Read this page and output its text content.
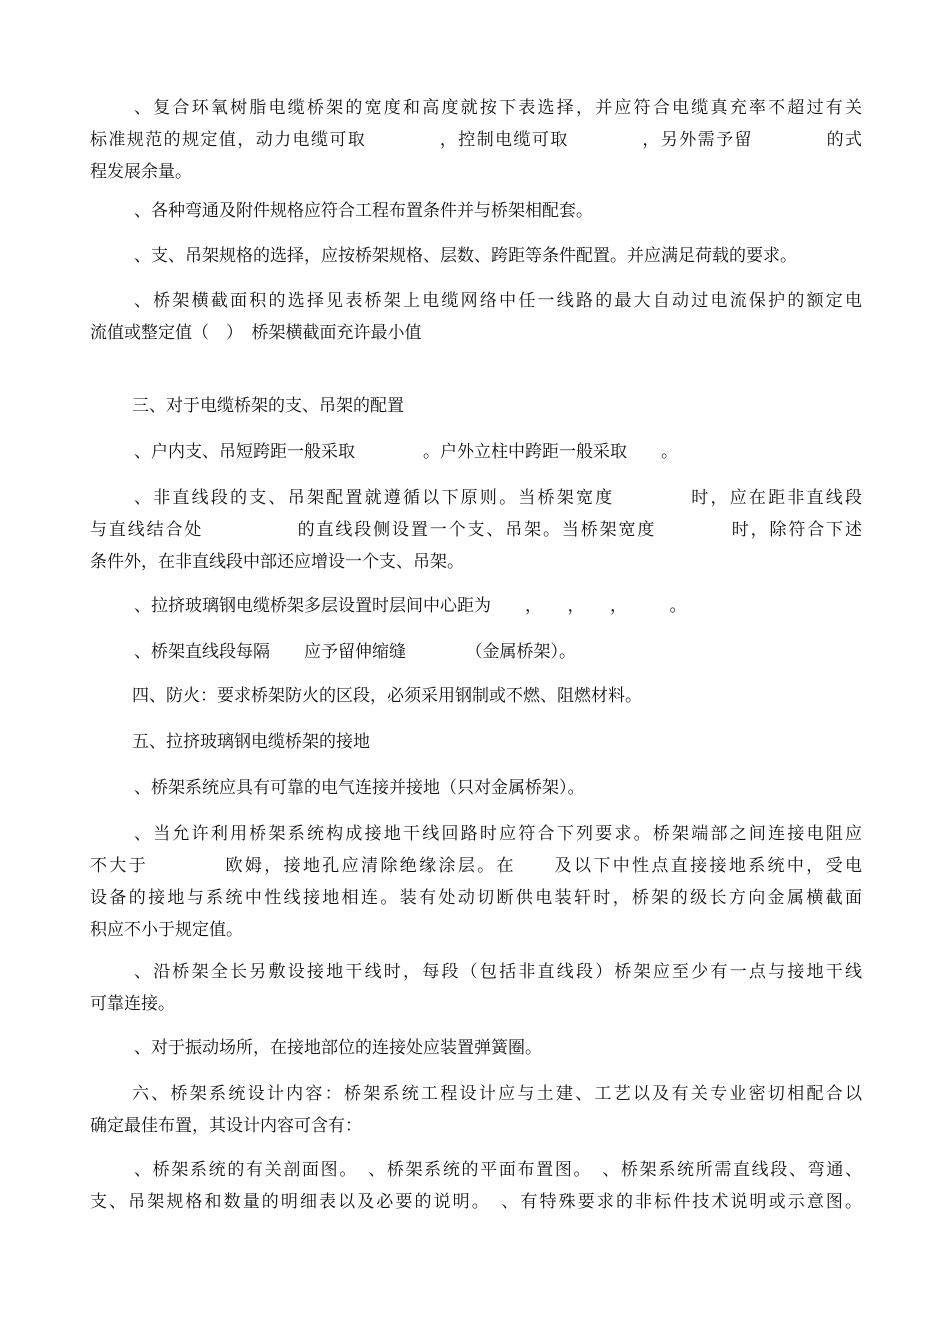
、复合环氧树脂电缆桥架的宽度和高度就按下表选择，并应符合电缆真充率不超过有关
标准规范的规定值，动力电缆可取　　　　，控制电缆可取　　　　，另外需予留　　　　的式
程发展余量。
、各种弯通及附件规格应符合工程布置条件并与桥架相配套。
、支、吊架规格的选择，应按桥架规格、层数、跨距等条件配置。并应满足荷载的要求。
、桥架横截面积的选择见表桥架上电缆网络中任一线路的最大自动过电流保护的额定电
流值或整定值（　）　桥架横截面充许最小值
三、对于电缆桥架的支、吊架的配置
、户内支、吊短跨距一般采取　　　　。户外立柱中跨距一般采取　　。
、非直线段的支、吊架配置就遵循以下原则。当桥架宽度　　　　时，应在距非直线段
与直线结合处　　　　　的直线段侧设置一个支、吊架。当桥架宽度　　　　时，除符合下述
条件外，在非直线段中部还应增设一个支、吊架。
、拉挤玻璃钢电缆桥架多层设置时层间中心距为　　，　　，　　，　　　。
、桥架直线段每隔　　应予留伸缩缝　　　　（金属桥架）。
四、防火：要求桥架防火的区段，必须采用钢制或不燃、阻燃材料。
五、拉挤玻璃钢电缆桥架的接地
、桥架系统应具有可靠的电气连接并接地（只对金属桥架）。
、当允许利用桥架系统构成接地干线回路时应符合下列要求。桥架端部之间连接电阻应
不大于　　　　欧姆，接地孔应清除绝缘涂层。在　　及以下中性点直接接地系统中，受电
设备的接地与系统中性线接地相连。装有处动切断供电装轩时，桥架的级长方向金属横截面
积应不小于规定值。
、沿桥架全长另敷设接地干线时，每段（包括非直线段）桥架应至少有一点与接地干线
可靠连接。
、对于振动场所，在接地部位的连接处应装置弹簧圈。
六、桥架系统设计内容：桥架系统工程设计应与土建、工艺以及有关专业密切相配合以
确定最佳布置，其设计内容可含有：
、桥架系统的有关剖面图。　、桥架系统的平面布置图。　、桥架系统所需直线段、弯通、
支、吊架规格和数量的明细表以及必要的说明。　、有特殊要求的非标件技术说明或示意图。
